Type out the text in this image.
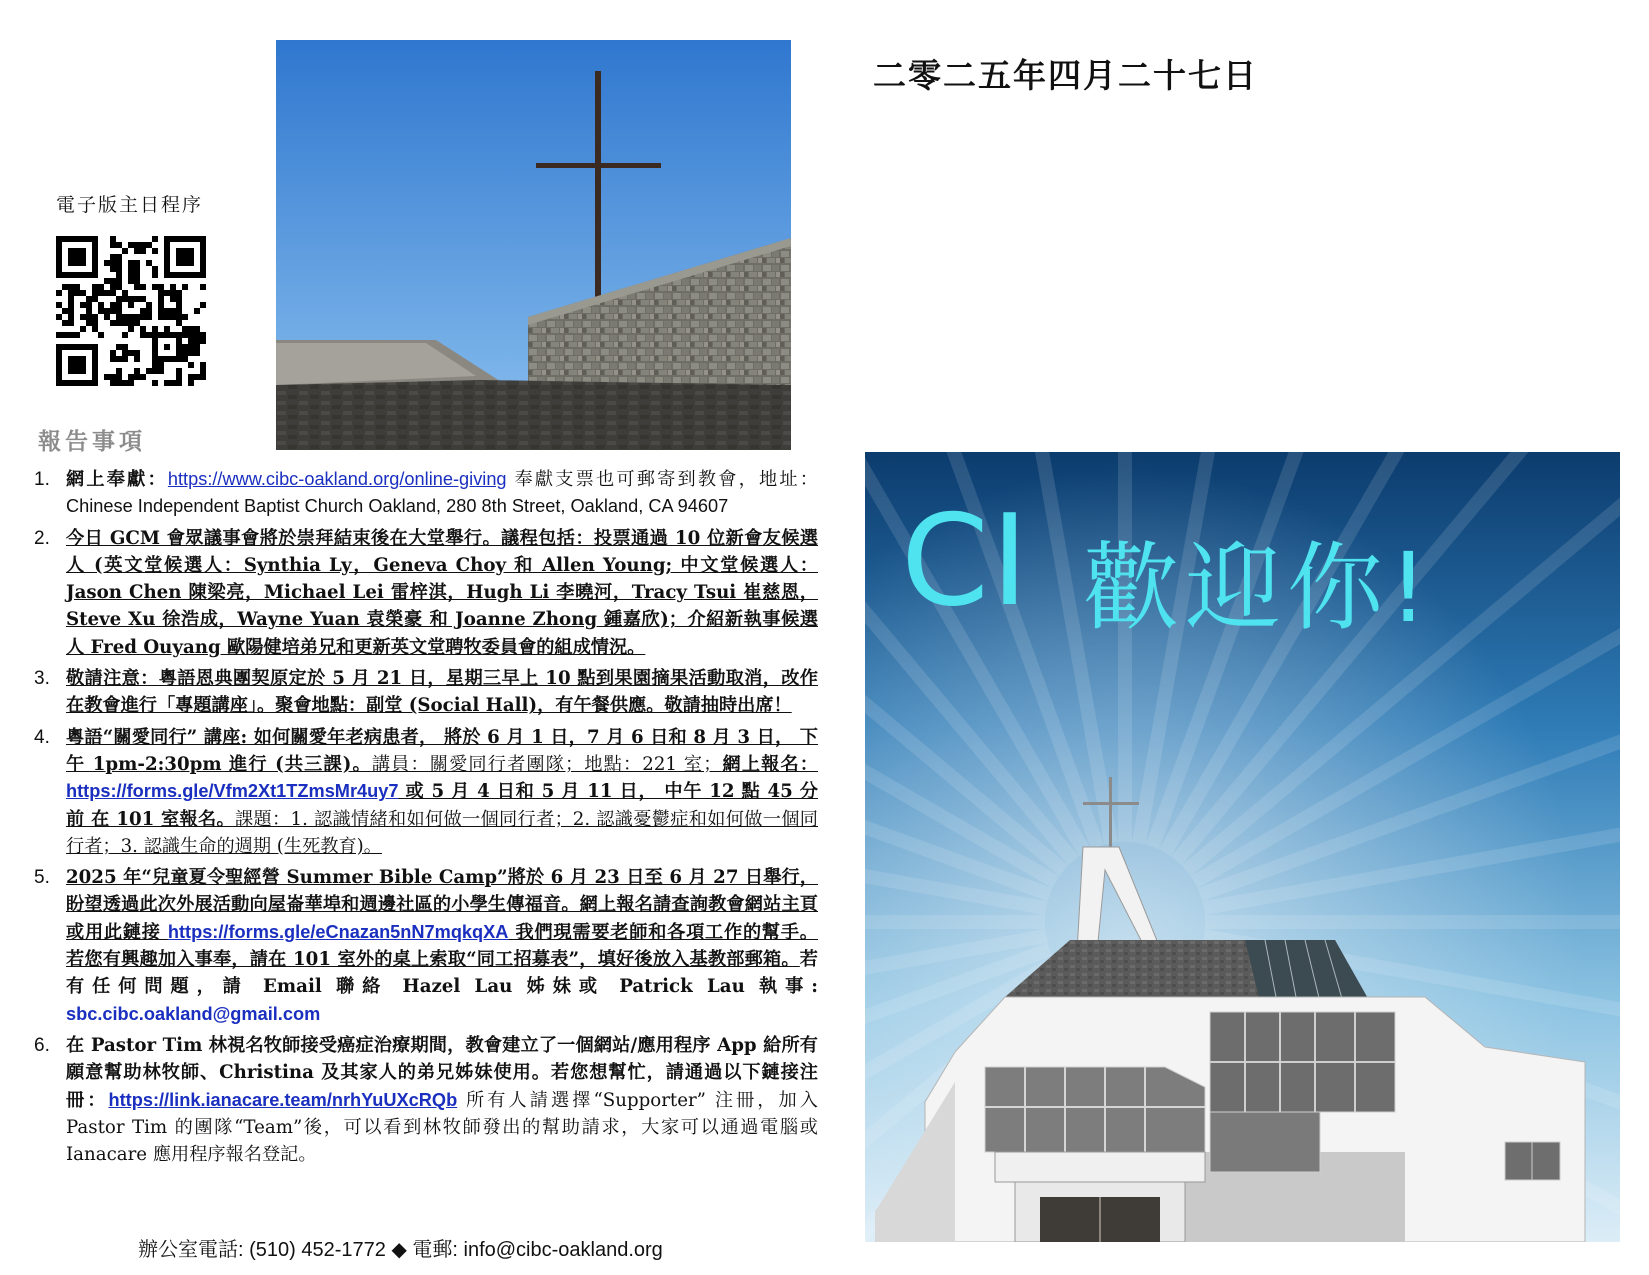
電子版主日程序
二零二五年四月二十七日
報告事項
1. 網上奉獻：https://www.cibc-oakland.org/online-giving 奉獻支票也可郵寄到教會，地址：Chinese Independent Baptist Church Oakland, 280 8th Street, Oakland, CA 94607
2. 今日 GCM 會眾議事會將於崇拜結束後在大堂舉行。議程包括：投票通過 10 位新會友候選人 (英文堂候選人：Synthia Ly，Geneva Choy 和 Allen Young; 中文堂候選人：Jason Chen 陳梁亮，Michael Lei 雷梓淇，Hugh Li 李曉河，Tracy Tsui 崔慈恩，Steve Xu 徐浩成，Wayne Yuan 袁榮豪 和 Joanne Zhong 鍾嘉欣)；介紹新執事候選人 Fred Ouyang 歐陽健培弟兄和更新英文堂聘牧委員會的組成情況。
3. 敬請注意：粵語恩典團契原定於 5 月 21 日，星期三早上 10 點到果園摘果活動取消，改作在教會進行「專題講座」。聚會地點：副堂 (Social Hall)，有午餐供應。敬請抽時出席！
4. 粵語“關愛同行” 講座: 如何關愛年老病患者， 將於 6 月 1 日，7 月 6 日和 8 月 3 日， 下午 1pm-2:30pm 進行 (共三課)。講員：關愛同行者團隊；地點：221 室；網上報名：https://forms.gle/Vfm2Xt1TZmsMr4uy7 或 5 月 4 日和 5 月 11 日， 中午 12 點 45 分前 在 101 室報名。課題：1. 認識情緒和如何做一個同行者；2. 認識憂鬱症和如何做一個同行者；3. 認識生命的週期 (生死教育)。
5. 2025 年“兒童夏令聖經營 Summer Bible Camp”將於 6 月 23 日至 6 月 27 日舉行，盼望透過此次外展活動向屋崙華埠和週邊社區的小學生傳福音。網上報名請查詢教會網站主頁或用此鏈接 https://forms.gle/eCnazan5nN7mqkqXA 我們現需要老師和各項工作的幫手。若您有興趣加入事奉，請在 101 室外的桌上索取“同工招募表”，填好後放入基教部郵箱。若有任何問題，請 Email 聯絡 Hazel Lau 姊妹或 Patrick Lau 執事: sbc.cibc.oakland@gmail.com
6. 在 Pastor Tim 林視名牧師接受癌症治療期間，教會建立了一個網站/應用程序 App 給所有願意幫助林牧師、Christina 及其家人的弟兄姊妹使用。若您想幫忙，請通過以下鏈接注冊：https://link.ianacare.team/nrhYuUXcRQb 所有人請選擇“Supporter” 注冊，加入 Pastor Tim 的團隊“Team”後，可以看到林牧師發出的幫助請求，大家可以通過電腦或 Ianacare 應用程序報名登記。
辦公室電話: (510) 452-1772 ◆ 電郵: info@cibc-oakland.org
CI 歡迎你!
